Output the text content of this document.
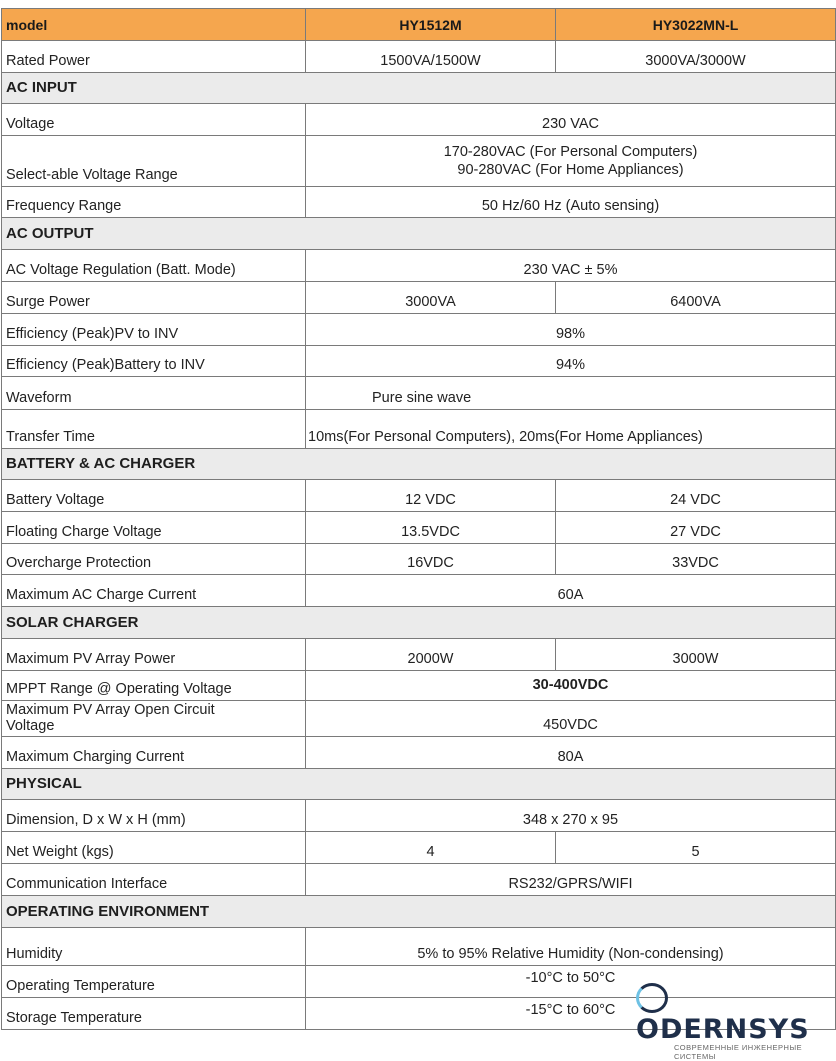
model	HY1512M	HY3022MN-L
Rated Power	1500VA/1500W	3000VA/3000W
AC INPUT		
Voltage	230 VAC	
Select-able Voltage Range	170-280VAC (For Personal Computers)
90-280VAC (For Home Appliances)	

Frequency Range	50 Hz/60 Hz (Auto sensing)	
AC OUTPUT		
AC Voltage Regulation (Batt. Mode)	230 VAC ± 5%	
Surge Power	3000VA	6400VA
Efficiency (Peak)PV to INV	98%	
Efficiency (Peak)Battery to INV	94%	
Waveform	Pure sine wave	
Transfer Time	10ms(For Personal Computers), 20ms(For Home Appliances)	
BATTERY & AC CHARGER		
Battery Voltage	12 VDC	24 VDC
Floating Charge Voltage	13.5VDC	27 VDC
Overcharge Protection	16VDC	33VDC
Maximum AC Charge Current	60A	
SOLAR CHARGER		
Maximum PV Array Power	2000W	3000W
MPPT Range @ Operating Voltage	30-400VDC	

Maximum PV Array Open Circuit
Voltage	450VDC	
Maximum Charging Current	80A	
PHYSICAL		
Dimension, D x W x H (mm)	348 x 270 x 95	
Net Weight (kgs)	4	5
Communication Interface	RS232/GPRS/WIFI	
OPERATING ENVIRONMENT		
Humidity	5% to 95% Relative Humidity (Non-condensing)	
Operating Temperature	-10°C to 50°C	
Storage Temperature	-15°C to 60°C	
ODERNSYS
СОВРЕМЕННЫЕ ИНЖЕНЕРНЫЕ СИСТЕМЫ
